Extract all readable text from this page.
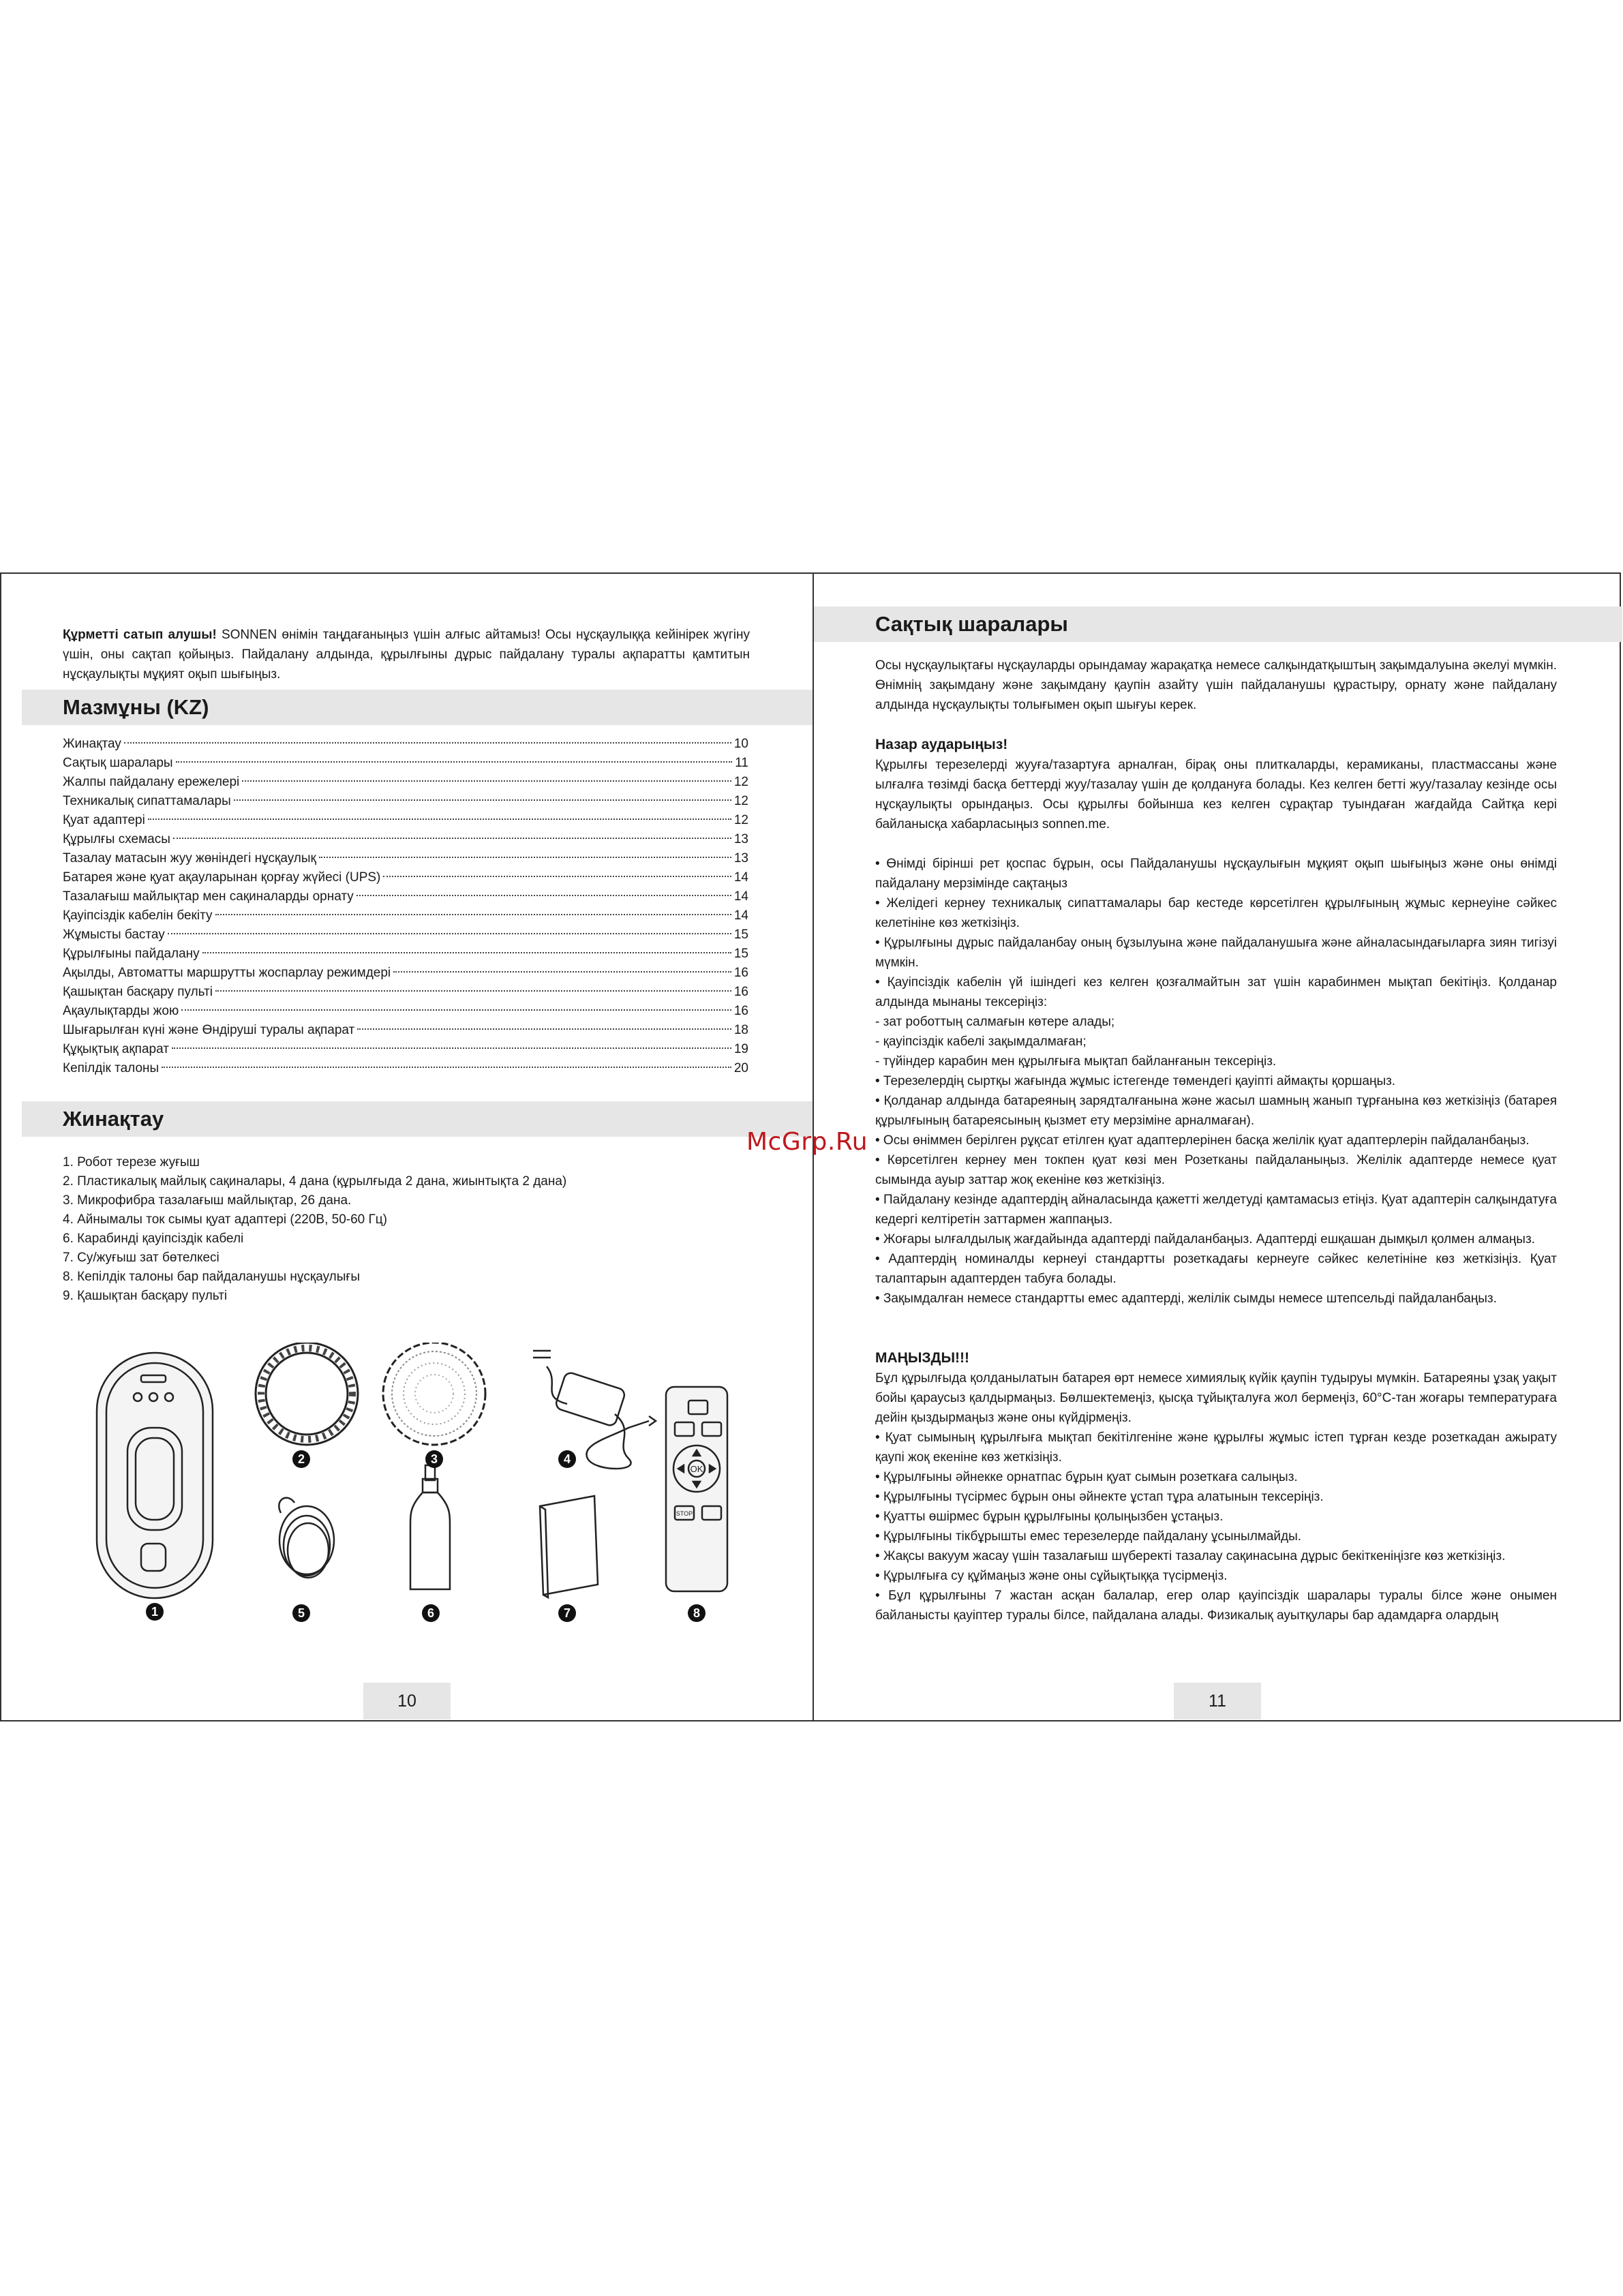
Құрметті сатып алушы! SONNEN өнімін таңдағаныңыз үшін алғыс айтамыз! Осы нұсқаулыққа кейінірек жүгіну үшін, оны сақтап қойыңыз. Пайдалану алдында, құрылғыны дұрыс пайдалану туралы ақпаратты қамтитын нұсқаулықты мұқият оқып шығыңыз.

Мазмұны (KZ)
Жинақтау	10
Сақтық шаралары	11
Жалпы пайдалану ережелері	12
Техникалық сипаттамалары	12
Қуат адаптері	12
Құрылғы схемасы	13
Тазалау матасын жуу жөніндегі нұсқаулық	13
Батарея және қуат ақауларынан қорғау жүйесі (UPS)	14
Тазалағыш майлықтар мен сақиналарды орнату	14
Қауіпсіздік кабелін бекіту	14
Жұмысты бастау	15
Құрылғыны пайдалану	15
Ақылды, Автоматты маршрутты жоспарлау режимдері	16
Қашықтан басқару пульті	16
Ақаулықтарды жою	16
Шығарылған күні және Өндіруші туралы ақпарат	18
Құқықтық ақпарат	19
Кепілдік талоны	20
Жинақтау
1. Робот терезе жуғыш
2. Пластикалық майлық сақиналары, 4 дана (құрылғыда 2 дана, жиынтықта 2 дана)
3. Микрофибра тазалағыш майлықтар, 26 дана.
4. Айнымалы ток сымы қуат адаптері (220В, 50-60 Гц)
6. Карабинді қауіпсіздік кабелі
7. Су/жуғыш зат бөтелкесі
8. Кепілдік талоны бар пайдаланушы нұсқаулығы
9. Қашықтан басқару пульті
OK
STOP
1
2	3	4
5	6	7	8
10
Сақтық шаралары

Осы нұсқаулықтағы нұсқауларды орындамау жарақатқа немесе салқындатқыштың зақымдалуына әкелуі мүмкін. Өнімнің зақымдану және зақымдану қаупін азайту үшін пайдаланушы құрастыру, орнату және пайдалану алдында нұсқаулықты толығымен оқып шығуы керек.

Назар аударыңыз!

Құрылғы терезелерді жууға/тазартуға арналған, бірақ оны плиткаларды, керамиканы, пластмассаны және ылғалға төзімді басқа беттерді жуу/тазалау үшін де қолдануға болады. Кез келген бетті жуу/тазалау кезінде осы нұсқаулықты орындаңыз. Осы құрылғы бойынша кез келген сұрақтар туындаған жағдайда Сайтқа кері байланысқа хабарласыңыз sonnen.me.

• Өнімді бірінші рет қоспас бұрын, осы Пайдаланушы нұсқаулығын мұқият оқып шығыңыз және оны өнімді пайдалану мерзімінде сақтаңыз
• Желідегі кернеу техникалық сипаттамалары бар кестеде көрсетілген құрылғының жұмыс кернеуіне сәйкес келетініне көз жеткізіңіз.
• Құрылғыны дұрыс пайдаланбау оның бұзылуына және пайдаланушыға және айналасындағыларға зиян тигізуі мүмкін.
• Қауіпсіздік кабелін үй ішіндегі кез келген қозғалмайтын зат үшін карабинмен мықтап бекітіңіз. Қолданар алдында мынаны тексеріңіз:
- зат роботтың салмағын көтере алады;
- қауіпсіздік кабелі зақымдалмаған;
- түйіндер карабин мен құрылғыға мықтап байланғанын тексеріңіз.
• Терезелердің сыртқы жағында жұмыс істегенде төмендегі қауіпті аймақты қоршаңыз.
• Қолданар алдында батареяның зарядталғанына және жасыл шамның жанып тұрғанына көз жеткізіңіз (батарея құрылғының батареясының қызмет ету мерзіміне арналмаған).
• Осы өніммен берілген рұқсат етілген қуат адаптерлерінен басқа желілік қуат адаптерлерін пайдаланбаңыз.
• Көрсетілген кернеу мен токпен қуат көзі мен Розетканы пайдаланыңыз. Желілік адаптерде немесе қуат сымында ауыр заттар жоқ екеніне көз жеткізіңіз.
• Пайдалану кезінде адаптердің айналасында қажетті желдетуді қамтамасыз етіңіз. Қуат адаптерін салқындатуға кедергі келтіретін заттармен жаппаңыз.
• Жоғары ылғалдылық жағдайында адаптерді пайдаланбаңыз. Адаптерді ешқашан дымқыл қолмен алмаңыз.
• Адаптердің номиналды кернеуі стандартты розеткадағы кернеуге сәйкес келетініне көз жеткізіңіз. Қуат талаптарын адаптерден табуға болады.
• Зақымдалған немесе стандартты емес адаптерді, желілік сымды немесе штепсельді пайдаланбаңыз.
МАҢЫЗДЫ!!!

Бұл құрылғыда қолданылатын батарея өрт немесе химиялық күйік қаупін тудыруы мүмкін. Батареяны ұзақ уақыт бойы қараусыз қалдырмаңыз. Бөлшектемеңіз, қысқа тұйықталуға жол бермеңіз, 60°С-тан жоғары температураға дейін қыздырмаңыз және оны күйдірмеңіз.

• Қуат сымының құрылғыға мықтап бекітілгеніне және құрылғы жұмыс істеп тұрған кезде розеткадан ажырату қаупі жоқ екеніне көз жеткізіңіз.
• Құрылғыны әйнекке орнатпас бұрын қуат сымын розеткаға салыңыз.
• Құрылғыны түсірмес бұрын оны әйнекте ұстап тұра алатынын тексеріңіз.
• Қуатты өшірмес бұрын құрылғыны қолыңызбен ұстаңыз.
• Құрылғыны тікбұрышты емес терезелерде пайдалану ұсынылмайды.
• Жақсы вакуум жасау үшін тазалағыш шүберекті тазалау сақинасына дұрыс бекіткеніңізге көз жеткізіңіз.
• Құрылғыға су құймаңыз және оны сұйықтыққа түсірмеңіз.
• Бұл құрылғыны 7 жастан асқан балалар, егер олар қауіпсіздік шаралары туралы білсе және онымен байланысты қауіптер туралы білсе, пайдалана алады. Физикалық ауытқулары бар адамдарға олардың
11
McGrp.Ru
